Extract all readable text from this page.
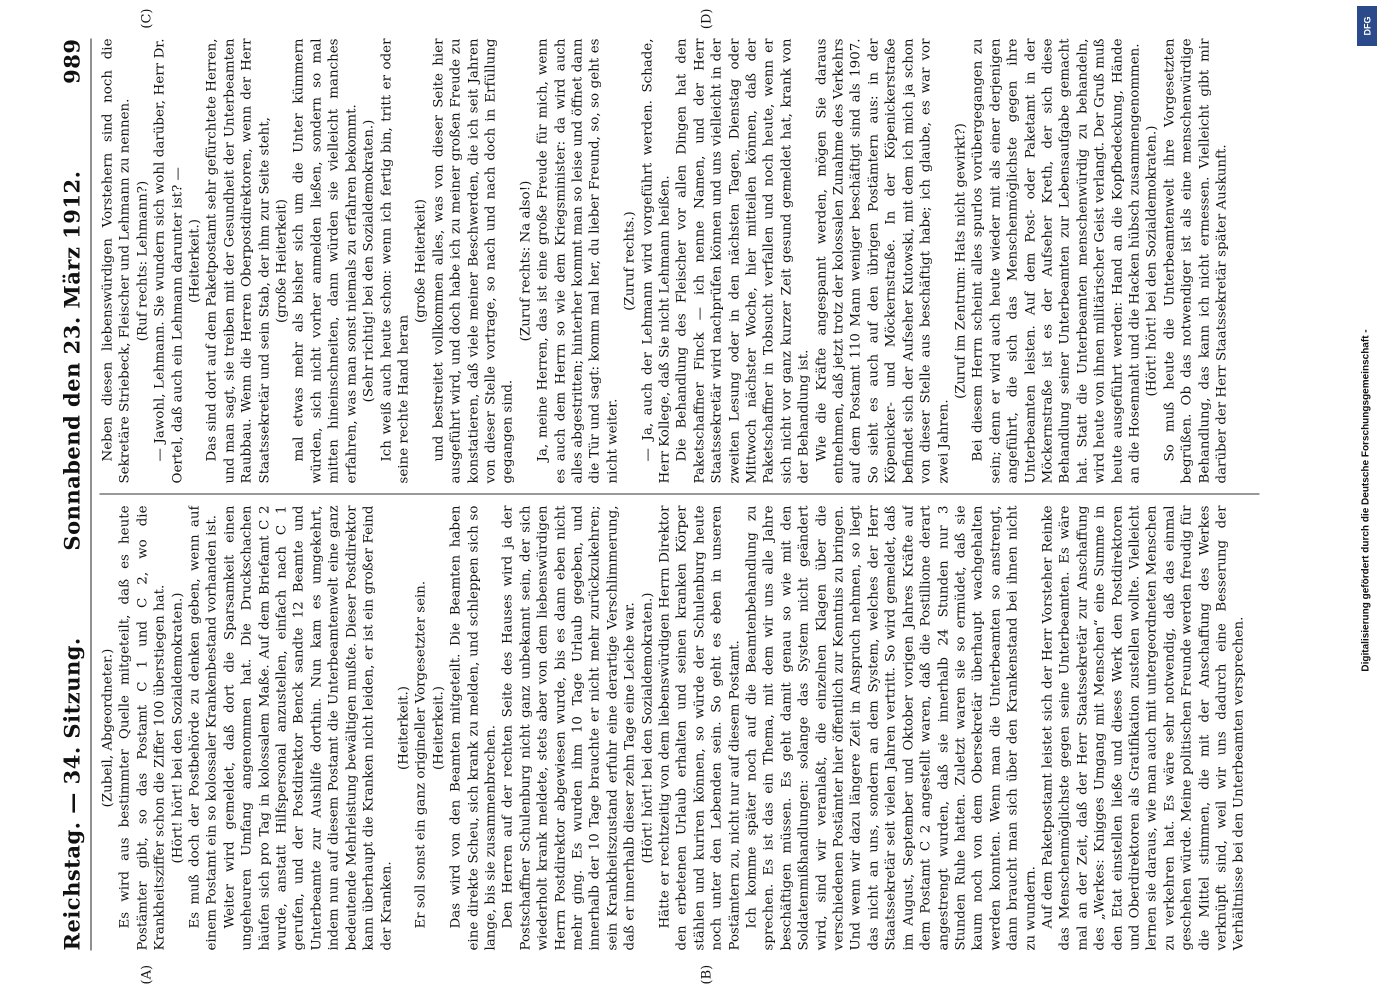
Reichstag. — 34. Sitzung.
Sonnabend den 23. März 1912.
989
(A)	(B)
(C)	(D)

(Zubeil, Abgeordneter.) Es wird aus bestimmter Quelle mitgeteilt, daß es heute Postämter gibt, so das Postamt C 1 und C 2, wo die Krankheitsziffer schon die Ziffer 100 überstiegen hat. (Hört! hört! bei den Sozialdemokraten.) Es muß doch der Postbehörde zu denken geben, wenn auf einem Postamt ein so kolossaler Krankenbestand vorhanden ist. Weiter wird gemeldet, daß dort die Sparsamkeit einen ungeheuren Umfang angenommen hat. Die Druckschachen häufen sich pro Tag in kolossalem Maße. Auf dem Briefamt C 2 wurde, anstatt Hilfspersonal anzustellen, einfach nach C 1 gerufen, und der Postdirektor Benck sandte 12 Beamte und Unterbeamte zur Aushilfe dorthin. Nun kam es umgekehrt, indem nun auf diesem Postamt die Unterbeamtenwelt eine ganz bedeutende Mehrleistung bewältigen mußte. Dieser Postdirektor kann überhaupt die Kranken nicht leiden, er ist ein großer Feind der Kranken.

(Heiterkeit.) Er soll sonst ein ganz origineller Vorgesetzter sein. (Heiterkeit.) Das wird von den Beamten mitgeteilt. Die Beamten haben eine direkte Scheu, sich krank zu melden, und schleppen sich so lange, bis sie zusammenbrechen. Den Herren auf der rechten Seite des Hauses wird ja der Postschaffner Schulenburg nicht ganz unbekannt sein, der sich wiederholt krank meldete, stets aber von dem liebenswürdigen Herrn Postdirektor abgewiesen wurde, bis es dann eben nicht mehr ging. Es wurden ihm 10 Tage Urlaub gegeben, und innerhalb der 10 Tage brauchte er nicht mehr zurückzukehren; sein Krankheitszustand erfuhr eine derartige Verschlimmerung, daß er innerhalb dieser zehn Tage eine Leiche war. (Hört! hört! bei den Sozialdemokraten.) Hätte er rechtzeitig von dem liebenswürdigen Herrn Direktor den erbetenen Urlaub erhalten und seinen kranken Körper stählen und kuriren können, so würde der Schulenburg heute noch unter den Lebenden sein. So geht es eben in unseren Postämtern zu, nicht nur auf diesem Postamt. Ich komme später noch auf die Beamtenbehandlung zu sprechen. Es ist das ein Thema, mit dem wir uns alle Jahre beschäftigen müssen. Es geht damit genau so wie mit den Soldatenmißhandlungen: solange das System nicht geändert wird, sind wir veranlaßt, die einzelnen Klagen über die verschiedenen Postämter hier öffentlich zur Kenntnis zu bringen. Und wenn wir dazu längere Zeit in Anspruch nehmen, so liegt das nicht an uns, sondern an dem System, welches der Herr Staatssekretär seit vielen Jahren vertritt. So wird gemeldet, daß im August, September und Oktober vorigen Jahres Kräfte auf dem Postamt C 2 angestellt waren, daß die Postillione derart angestrengt wurden, daß sie innerhalb 24 Stunden nur 3 Stunden Ruhe hatten. Zuletzt waren sie so ermüdet, daß sie kaum noch von dem Obersekretär überhaupt wachgehalten werden konnten. Wenn man die Unterbeamten so anstrengt, dann braucht man sich über den Krankenstand bei ihnen nicht zu wundern. Auf dem Paketpostamt leistet sich der Herr Vorsteher Reinke das Menschenmöglichste gegen seine Unterbeamten. Es wäre mal an der Zeit, daß der Herr Staatssekretär zur Anschaffung des „Werkes: Knigges Umgang mit Menschen“ eine Summe in den Etat einstellen ließe und dieses Werk den Postdirektoren und Oberdirektoren als Gratifikation zustellen wollte. Vielleicht lernen sie daraus, wie man auch mit untergeordneten Menschen zu verkehren hat. Es wäre sehr notwendig, daß das einmal geschehen würde. Meine politischen Freunde werden freudig für die Mittel stimmen, die mit der Anschaffung des Werkes verknüpft sind, weil wir uns dadurch eine Besserung der Verhältnisse bei den Unterbeamten versprechen.

Neben diesen liebenswürdigen Vorstehern sind noch die Sekretäre Striebeck, Fleischer und Lehmann zu nennen. (Ruf rechts: Lehmann?) — Jawohl, Lehmann. Sie wundern sich wohl darüber, Herr Dr. Oertel, daß auch ein Lehmann darunter ist? — (Heiterkeit.) Das sind dort auf dem Paketpostamt sehr gefürchtete Herren, und man sagt, sie treiben mit der Gesundheit der Unterbeamten Raubbau. Wenn die Herren Oberpostdirektoren, wenn der Herr Staatssekretär und sein Stab, der ihm zur Seite steht, (große Heiterkeit) mal etwas mehr als bisher sich um die Unter kümmern würden, sich nicht vorher anmelden ließen, sondern so mal mitten hineinschneiten, dann würden sie vielleicht manches erfahren, was man sonst niemals zu erfahren bekommt. (Sehr richtig! bei den Sozialdemokraten.) Ich weiß auch heute schon: wenn ich fertig bin, tritt er oder seine rechte Hand heran

(große Heiterkeit) und bestreitet vollkommen alles, was von dieser Seite hier ausgeführt wird, und doch habe ich zu meiner großen Freude zu konstatieren, daß viele meiner Beschwerden, die ich seit Jahren von dieser Stelle vortrage, so nach und nach doch in Erfüllung gegangen sind.

(Zuruf rechts: Na also!) Ja, meine Herren, das ist eine große Freude für mich, wenn es auch dem Herrn so wie dem Kriegsminister: da wird auch alles abgestritten; hinterher kommt man so leise und öffnet dann die Tür und sagt: komm mal her, du lieber Freund, so, so geht es nicht weiter.

(Zuruf rechts.) — Ja, auch der Lehmann wird vorgeführt werden. Schade, Herr Kollege, daß Sie nicht Lehmann heißen. Die Behandlung des Fleischer vor allen Dingen hat den Paketschaffner Finck — ich nenne Namen, und der Herr Staatssekretär wird nachprüfen können und uns vielleicht in der zweiten Lesung oder in den nächsten Tagen, Dienstag oder Mittwoch nächster Woche, hier mitteilen können, daß der Paketschaffner in Tobsucht verfallen und noch heute, wenn er sich nicht vor ganz kurzer Zeit gesund gemeldet hat, krank von der Behandlung ist. Wie die Kräfte angespannt werden, mögen Sie daraus entnehmen, daß jetzt trotz der kolossalen Zunahme des Verkehrs auf dem Postamt 110 Mann weniger beschäftigt sind als 1907. So sieht es auch auf den übrigen Postämtern aus: in der Köpenicker- und Möckernstraße. In der Köpenickerstraße befindet sich der Aufseher Kutowski, mit dem ich mich ja schon von dieser Stelle aus beschäftigt habe; ich glaube, es war vor zwei Jahren.

(Zuruf im Zentrum: Hats nicht gewirkt?) Bei diesem Herrn scheint alles spurlos vorübergegangen zu sein; denn er wird auch heute wieder mit als einer derjenigen angeführt, die sich das Menschenmöglichste gegen ihre Unterbeamten leisten. Auf dem Post- oder Paketamt in der Möckernstraße ist es der Aufseher Kreth, der sich diese Behandlung seiner Unterbeamten zur Lebensaufgabe gemacht hat. Statt die Unterbeamten menschenwürdig zu behandeln, wird heute von ihnen militärischer Geist verlangt. Der Gruß muß heute ausgeführt werden: Hand an die Kopfbedeckung, Hände an die Hosennaht und die Hacken hübsch zusammengenommen. (Hört! hört! bei den Sozialdemokraten.) So muß heute die Unterbeamtenwelt ihre Vorgesetzten begrüßen. Ob das notwendiger ist als eine menschenwürdige Behandlung, das kann ich nicht ermessen. Vielleicht gibt mir darüber der Herr Staatssekretär später Auskunft.

Digitalisierung gefördert durch die Deutsche Forschungsgemeinschaft -
DFG
